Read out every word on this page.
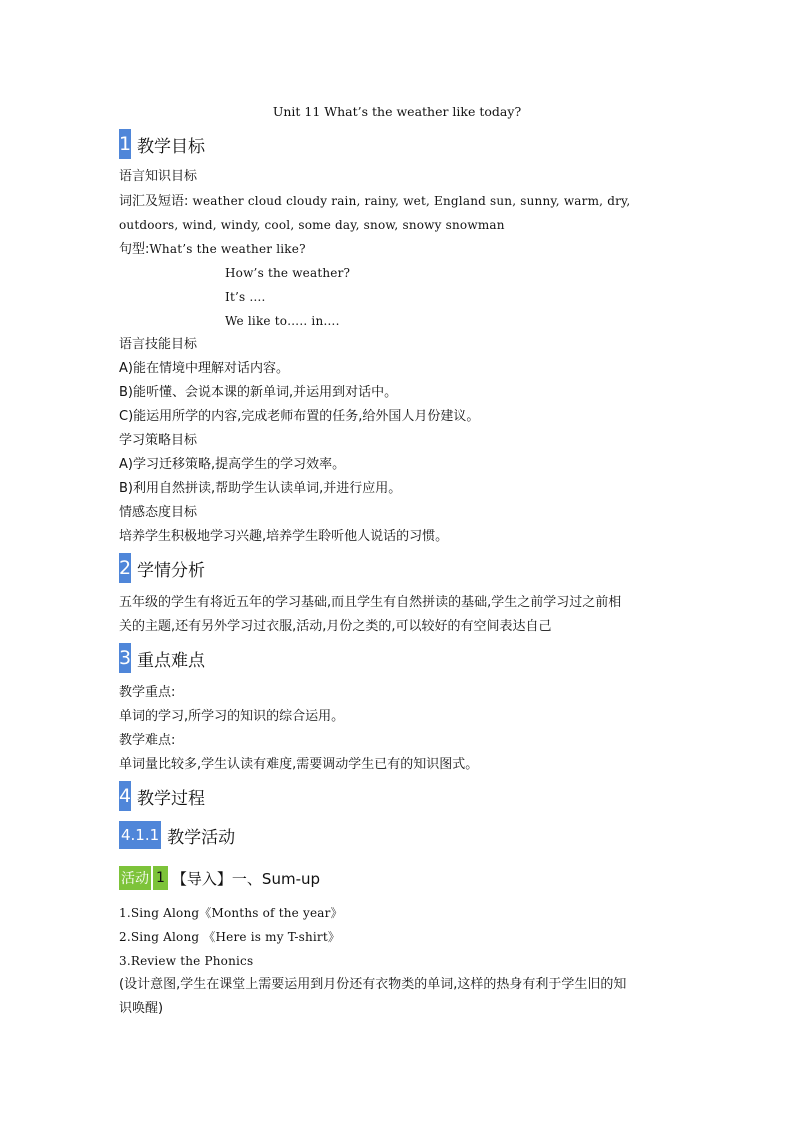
Unit 11 What’s the weather like today?
1 教学目标
语言知识目标
词汇及短语: weather cloud cloudy rain, rainy, wet, England sun, sunny, warm, dry,
outdoors, wind, windy, cool, some day, snow, snowy snowman
句型:What’s the weather like?
How’s the weather?
It’s ….
We like to….. in….
语言技能目标
A)能在情境中理解对话内容。
B)能听懂、会说本课的新单词,并运用到对话中。
C)能运用所学的内容,完成老师布置的任务,给外国人月份建议。
学习策略目标
A)学习迁移策略,提高学生的学习效率。
B)利用自然拼读,帮助学生认读单词,并进行应用。
情感态度目标
培养学生积极地学习兴趣,培养学生聆听他人说话的习惯。
2 学情分析
五年级的学生有将近五年的学习基础,而且学生有自然拼读的基础,学生之前学习过之前相
关的主题,还有另外学习过衣服,活动,月份之类的,可以较好的有空间表达自己
3 重点难点
教学重点:
单词的学习,所学习的知识的综合运用。
教学难点:
单词量比较多,学生认读有难度,需要调动学生已有的知识图式。
4 教学过程
4.1.1 教学活动
活动 1 【导入】一、Sum-up
1.Sing Along《Months of the year》
2.Sing Along 《Here is my T-shirt》
3.Review the Phonics
(设计意图,学生在课堂上需要运用到月份还有衣物类的单词,这样的热身有利于学生旧的知
识唤醒)
